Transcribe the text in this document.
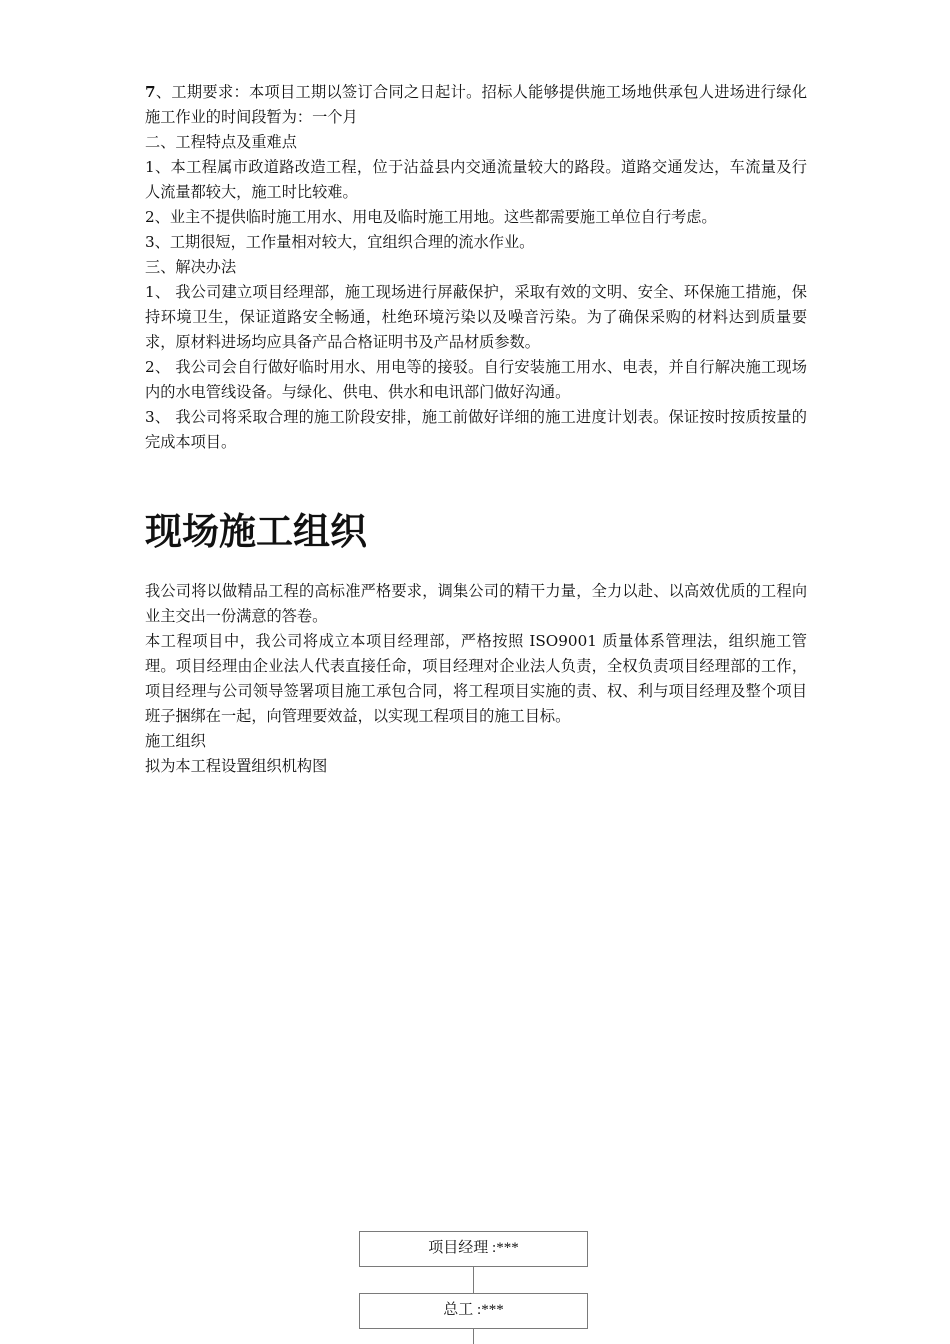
7、工期要求：本项目工期以签订合同之日起计。招标人能够提供施工场地供承包人进场进行绿化施工作业的时间段暂为：一个月

二、工程特点及重难点

1、本工程属市政道路改造工程，位于沾益县内交通流量较大的路段。道路交通发达，车流量及行人流量都较大，施工时比较难。

2、业主不提供临时施工用水、用电及临时施工用地。这些都需要施工单位自行考虑。

3、工期很短，工作量相对较大，宜组织合理的流水作业。

三、解决办法

1、 我公司建立项目经理部，施工现场进行屏蔽保护，采取有效的文明、安全、环保施工措施，保持环境卫生，保证道路安全畅通，杜绝环境污染以及噪音污染。为了确保采购的材料达到质量要求，原材料进场均应具备产品合格证明书及产品材质参数。

2、 我公司会自行做好临时用水、用电等的接驳。自行安装施工用水、电表，并自行解决施工现场内的水电管线设备。与绿化、供电、供水和电讯部门做好沟通。

3、 我公司将采取合理的施工阶段安排，施工前做好详细的施工进度计划表。保证按时按质按量的完成本项目。

现场施工组织

我公司将以做精品工程的高标准严格要求，调集公司的精干力量，全力以赴、以高效优质的工程向业主交出一份满意的答卷。

本工程项目中，我公司将成立本项目经理部，严格按照 ISO9001 质量体系管理法，组织施工管理。项目经理由企业法人代表直接任命，项目经理对企业法人负责，全权负责项目经理部的工作，项目经理与公司领导签署项目施工承包合同，将工程项目实施的责、权、利与项目经理及整个项目班子捆绑在一起，向管理要效益，以实现工程项目的施工目标。

施工组织

拟为本工程设置组织机构图

项目经理 :***
总工 :***
